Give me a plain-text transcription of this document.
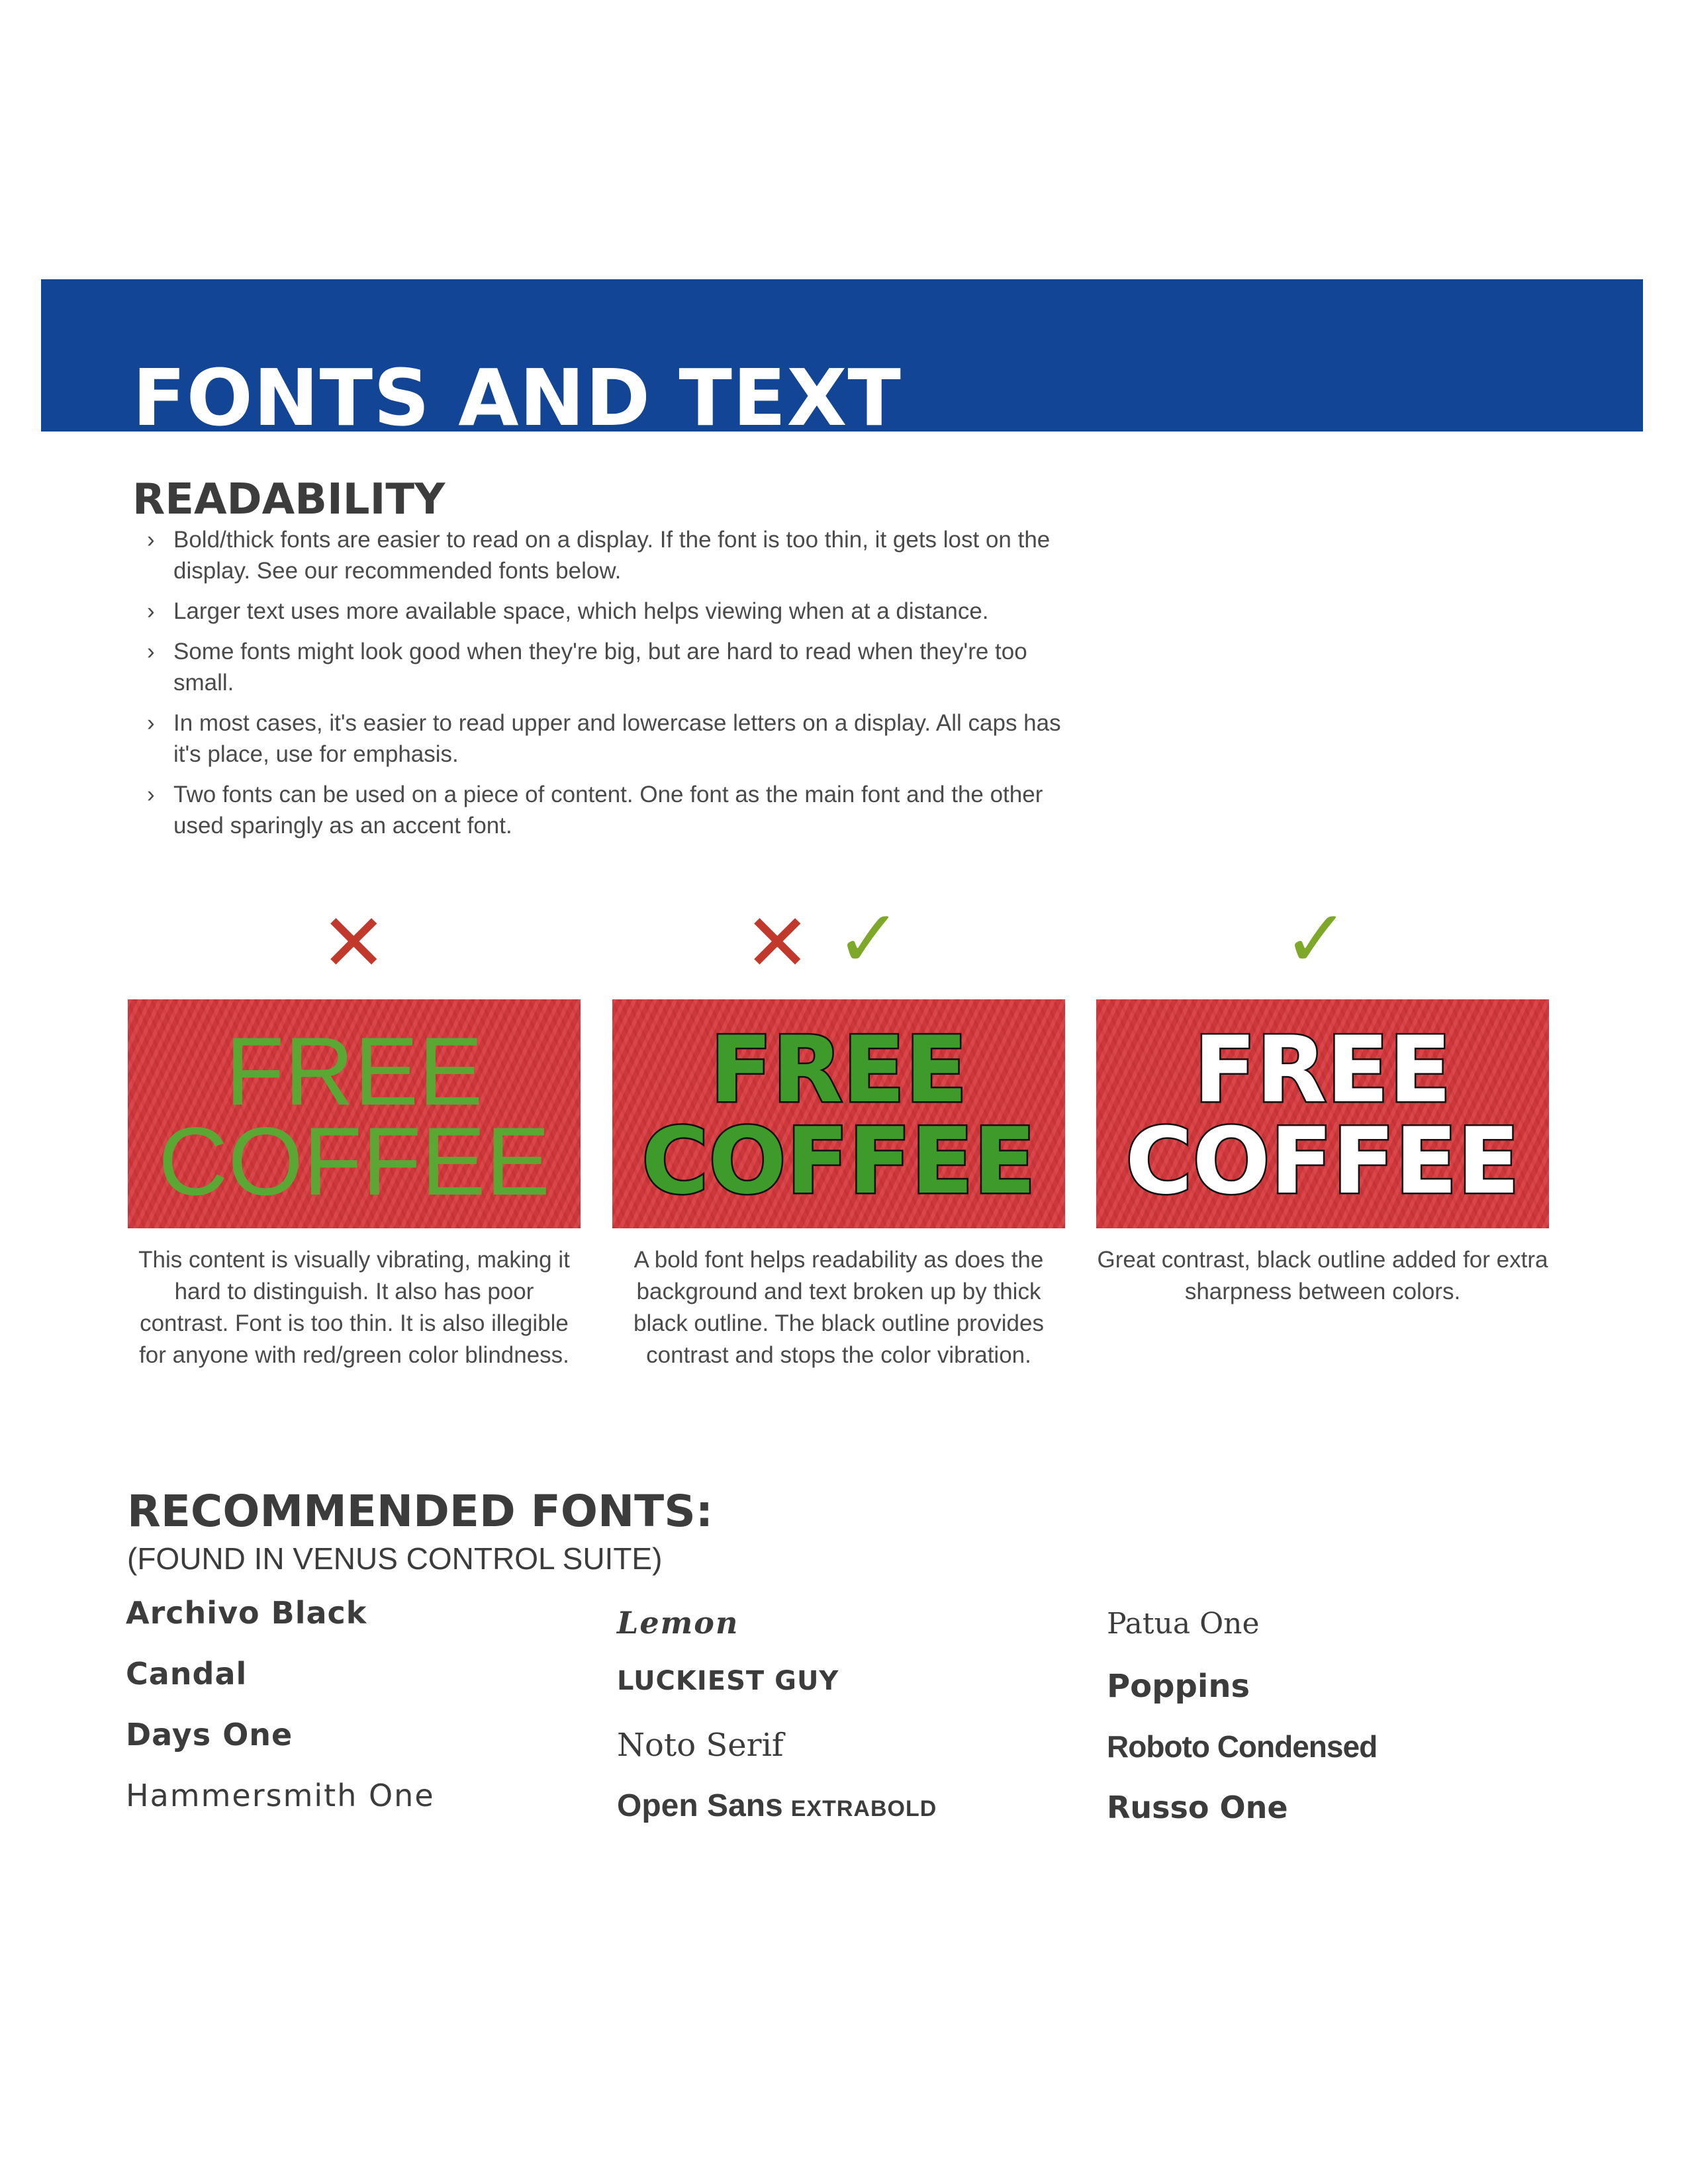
FONTS AND TEXT
READABILITY
› Bold/thick fonts are easier to read on a display. If the font is too thin, it gets lost on the display. See our recommended fonts below.
› Larger text uses more available space, which helps viewing when at a distance.
› Some fonts might look good when they're big, but are hard to read when they're too small.
› In most cases, it's easier to read upper and lowercase letters on a display. All caps has it's place, use for emphasis.
› Two fonts can be used on a piece of content. One font as the main font and the other used sparingly as an accent font.
✕	✕ ✓	✓
FREE
COFFEE
FREE
COFFEE
FREE
COFFEE
This content is visually vibrating, making it hard to distinguish. It also has poor contrast. Font is too thin. It is also illegible for anyone with red/green color blindness.
A bold font helps readability as does the background and text broken up by thick black outline. The black outline provides contrast and stops the color vibration.
Great contrast, black outline added for extra sharpness between colors.
RECOMMENDED FONTS:

(FOUND IN VENUS CONTROL SUITE)

Archivo Black
Candal
Days One
Hammersmith One
Lemon
LUCKIEST GUY
Noto Serif
Open Sans EXTRABOLD
Patua One
Poppins
Roboto Condensed
Russo One
